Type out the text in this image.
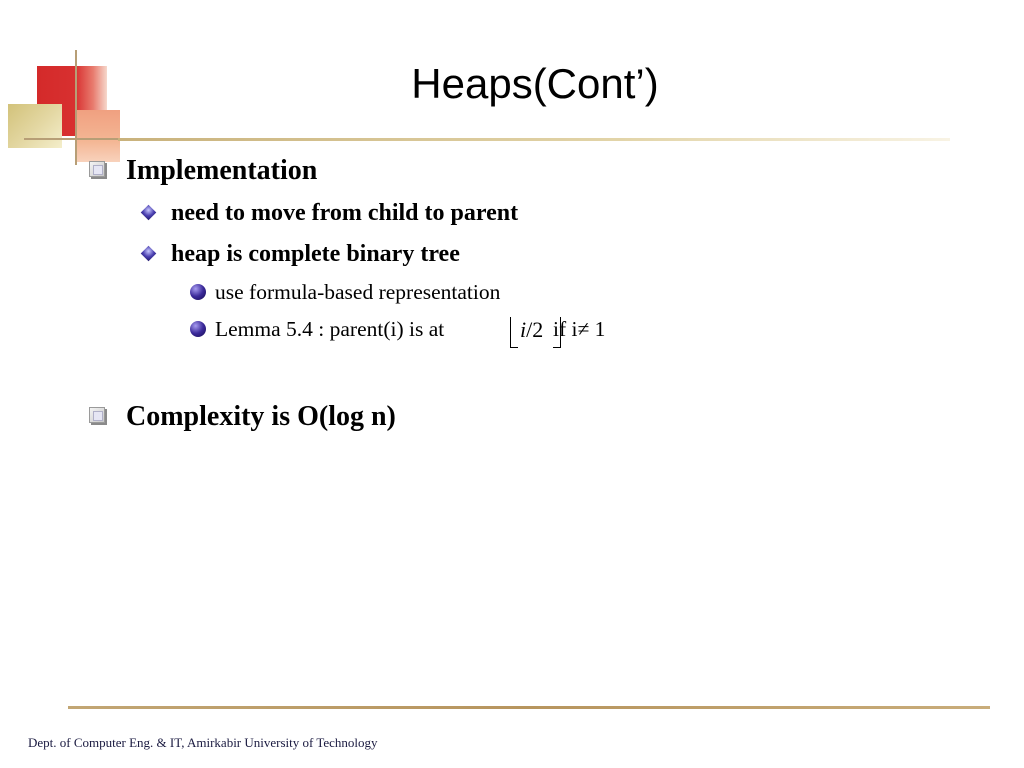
Heaps(Cont’)
Implementation
need to move from child to parent
heap is complete binary tree
use formula-based representation
Lemma 5.4 : parent(i) is at	i/2 if i≠ 1
Complexity is O(log n)
Dept. of Computer Eng. & IT, Amirkabir University of Technology
